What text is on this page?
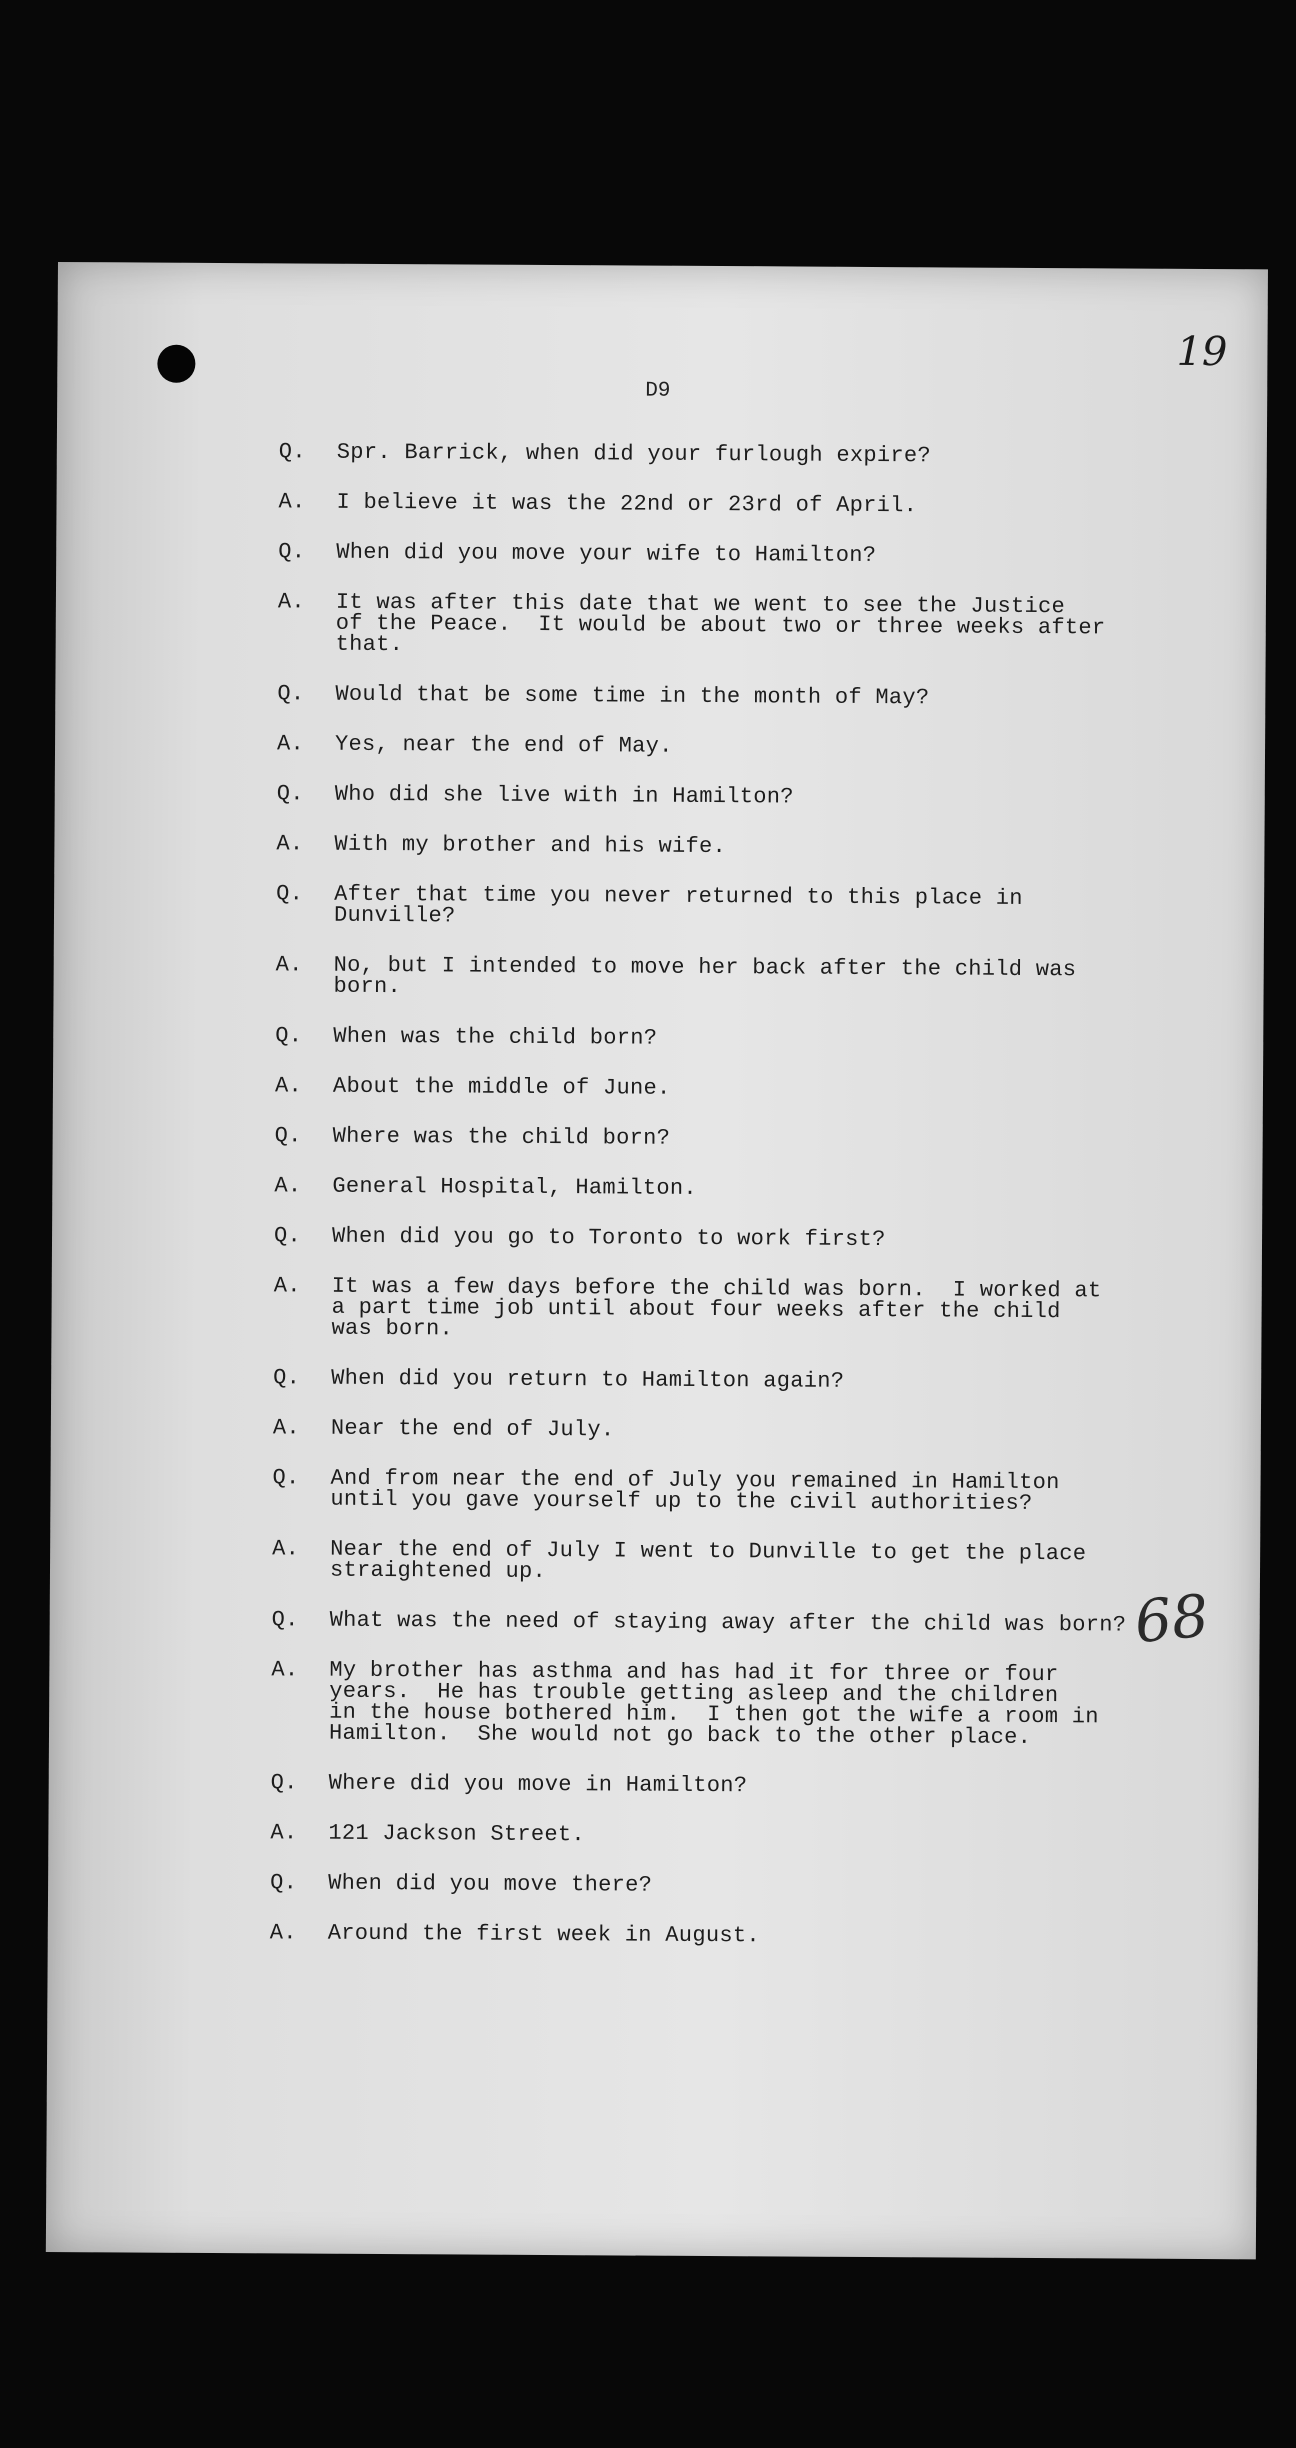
19
D9
Q.	Spr. Barrick, when did your furlough expire?
A.	I believe it was the 22nd or 23rd of April.
Q.	When did you move your wife to Hamilton?
A.	It was after this date that we went to see the Justice
of the Peace.  It would be about two or three weeks after
that.
Q.	Would that be some time in the month of May?
A.	Yes, near the end of May.
Q.	Who did she live with in Hamilton?
A.	With my brother and his wife.
Q.	After that time you never returned to this place in
Dunville?
A.	No, but I intended to move her back after the child was
born.
Q.	When was the child born?
A.	About the middle of June.
Q.	Where was the child born?
A.	General Hospital, Hamilton.
Q.	When did you go to Toronto to work first?
A.	It was a few days before the child was born.  I worked at
a part time job until about four weeks after the child
was born.
Q.	When did you return to Hamilton again?
A.	Near the end of July.
Q.	And from near the end of July you remained in Hamilton
until you gave yourself up to the civil authorities?
A.	Near the end of July I went to Dunville to get the place
straightened up.
Q.	What was the need of staying away after the child was born?
A.	My brother has asthma and has had it for three or four
years.  He has trouble getting asleep and the children
in the house bothered him.  I then got the wife a room in
Hamilton.  She would not go back to the other place.
Q.	Where did you move in Hamilton?
A.	121 Jackson Street.
Q.	When did you move there?
A.	Around the first week in August.
68
